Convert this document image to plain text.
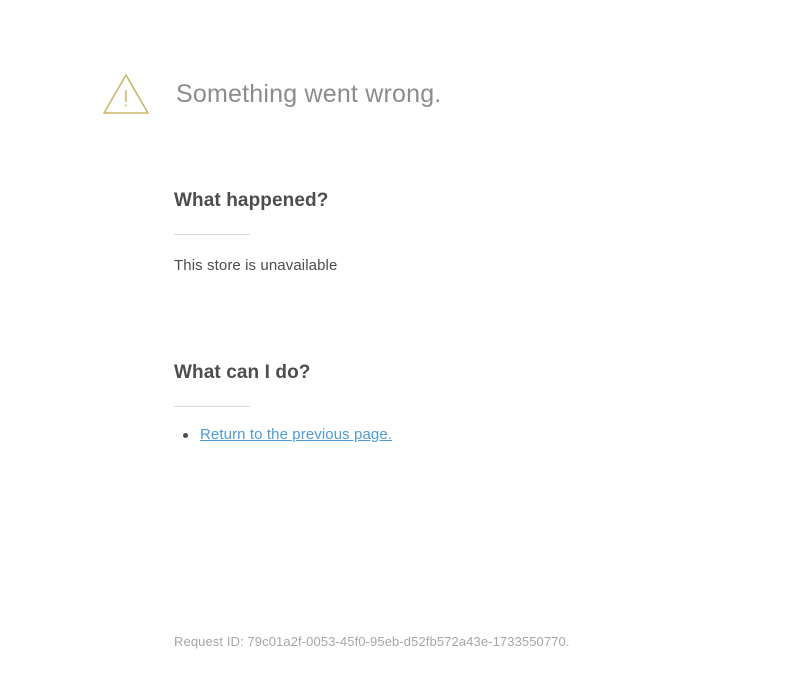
Something went wrong.
What happened?
This store is unavailable
What can I do?
Return to the previous page.
Request ID: 79c01a2f-0053-45f0-95eb-d52fb572a43e-1733550770.
